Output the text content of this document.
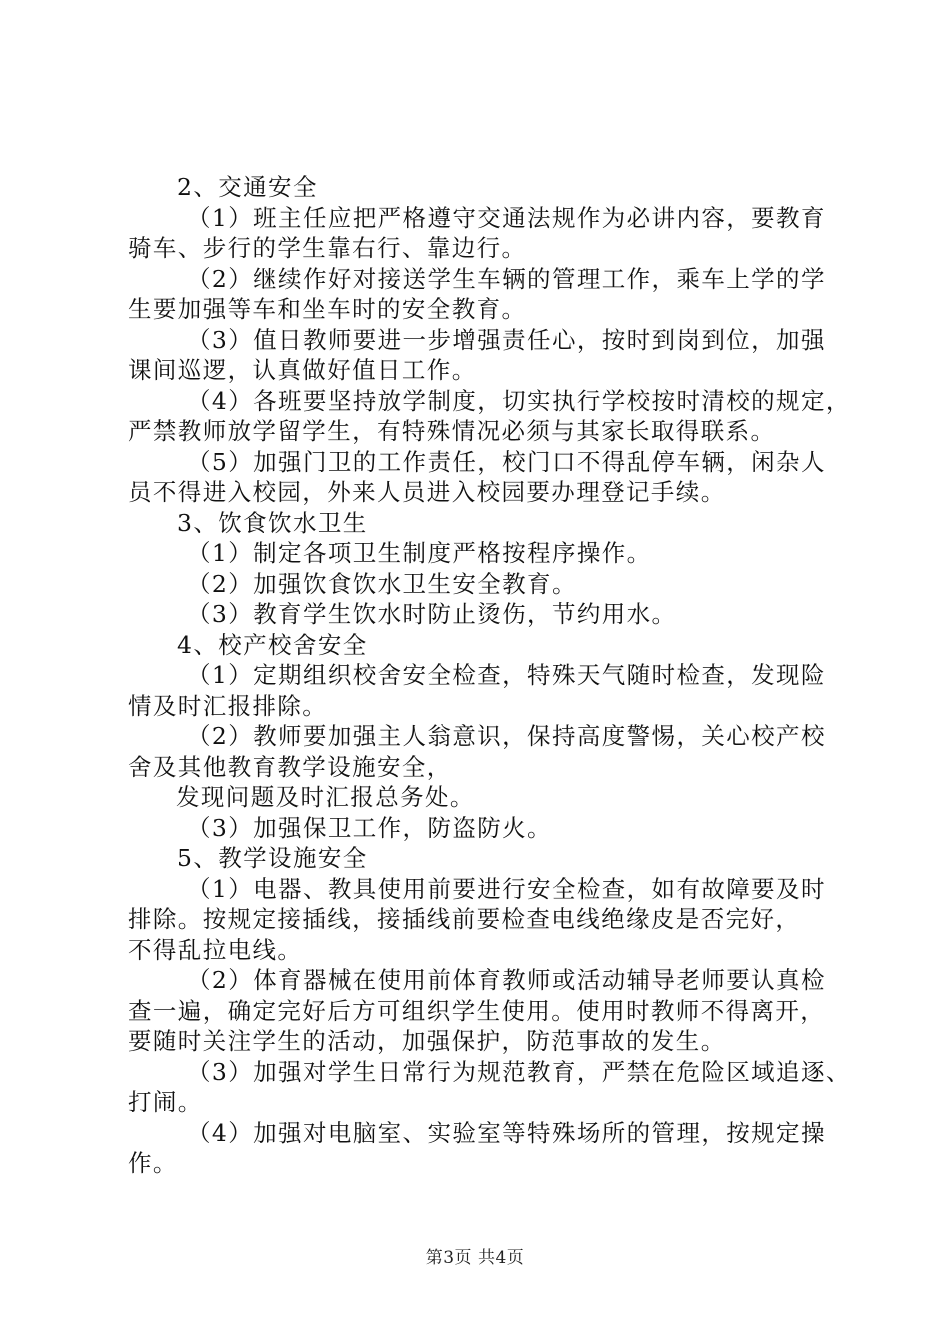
2、交通安全
（1）班主任应把严格遵守交通法规作为必讲内容，要教育
骑车、步行的学生靠右行、靠边行。
（2）继续作好对接送学生车辆的管理工作，乘车上学的学
生要加强等车和坐车时的安全教育。
（3）值日教师要进一步增强责任心，按时到岗到位，加强
课间巡逻，认真做好值日工作。
（4）各班要坚持放学制度，切实执行学校按时清校的规定，
严禁教师放学留学生，有特殊情况必须与其家长取得联系。
（5）加强门卫的工作责任，校门口不得乱停车辆，闲杂人
员不得进入校园，外来人员进入校园要办理登记手续。
3、饮食饮水卫生
（1）制定各项卫生制度严格按程序操作。
（2）加强饮食饮水卫生安全教育。
（3）教育学生饮水时防止烫伤，节约用水。
4、校产校舍安全
（1）定期组织校舍安全检查，特殊天气随时检查，发现险
情及时汇报排除。
（2）教师要加强主人翁意识，保持高度警惕，关心校产校
舍及其他教育教学设施安全，
发现问题及时汇报总务处。
（3）加强保卫工作，防盗防火。
5、教学设施安全
（1）电器、教具使用前要进行安全检查，如有故障要及时
排除。按规定接插线，接插线前要检查电线绝缘皮是否完好，
不得乱拉电线。
（2）体育器械在使用前体育教师或活动辅导老师要认真检
查一遍，确定完好后方可组织学生使用。使用时教师不得离开，
要随时关注学生的活动，加强保护，防范事故的发生。
（3）加强对学生日常行为规范教育，严禁在危险区域追逐、
打闹。
（4）加强对电脑室、实验室等特殊场所的管理，按规定操
作。
第3页 共4页
